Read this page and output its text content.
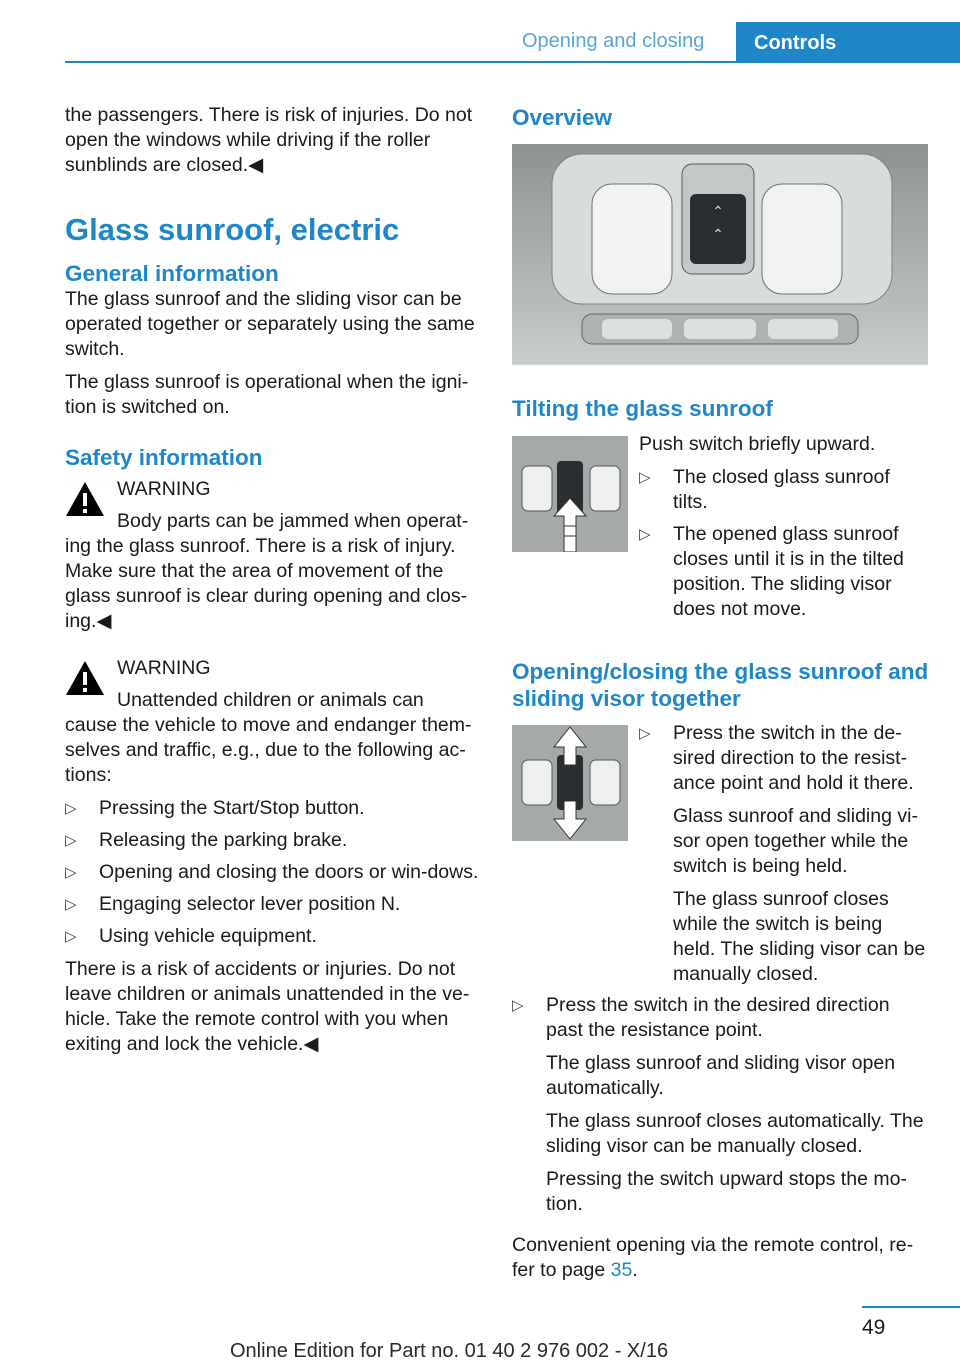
Opening and closing	Controls

the passengers. There is risk of injuries. Do not open the windows while driving if the roller sunblinds are closed.◀

Glass sunroof, electric
General information

The glass sunroof and the sliding visor can be operated together or separately using the same switch.

The glass sunroof is operational when the igni-tion is switched on.

Safety information
WARNING
Body parts can be jammed when operat-

ing the glass sunroof. There is a risk of injury. Make sure that the area of movement of the glass sunroof is clear during opening and clos-ing.◀

WARNING
Unattended children or animals can

cause the vehicle to move and endanger them-selves and traffic, e.g., due to the following ac-tions:

▷ Pressing the Start/Stop button.
▷ Releasing the parking brake.
▷ Opening and closing the doors or win-dows.
▷ Engaging selector lever position N.
▷ Using vehicle equipment.

There is a risk of accidents or injuries. Do not leave children or animals unattended in the ve-hicle. Take the remote control with you when exiting and lock the vehicle.◀

Overview
⌃
⌃
Tilting the glass sunroof

Push switch briefly upward.

▷ The closed glass sunroof tilts.
▷ The opened glass sunroof closes until it is in the tilted position. The sliding visor does not move.
Opening/closing the glass sunroof and sliding visor together
▷ Press the switch in the de-sired direction to the resist-ance point and hold it there.

Glass sunroof and sliding vi-sor open together while the switch is being held.

The glass sunroof closes while the switch is being held. The sliding visor can be manually closed.

▷ Press the switch in the desired direction past the resistance point.

The glass sunroof and sliding visor open automatically.

The glass sunroof closes automatically. The sliding visor can be manually closed.

Pressing the switch upward stops the mo-tion.

Convenient opening via the remote control, re-fer to page 35.

49
Online Edition for Part no. 01 40 2 976 002 - X/16
